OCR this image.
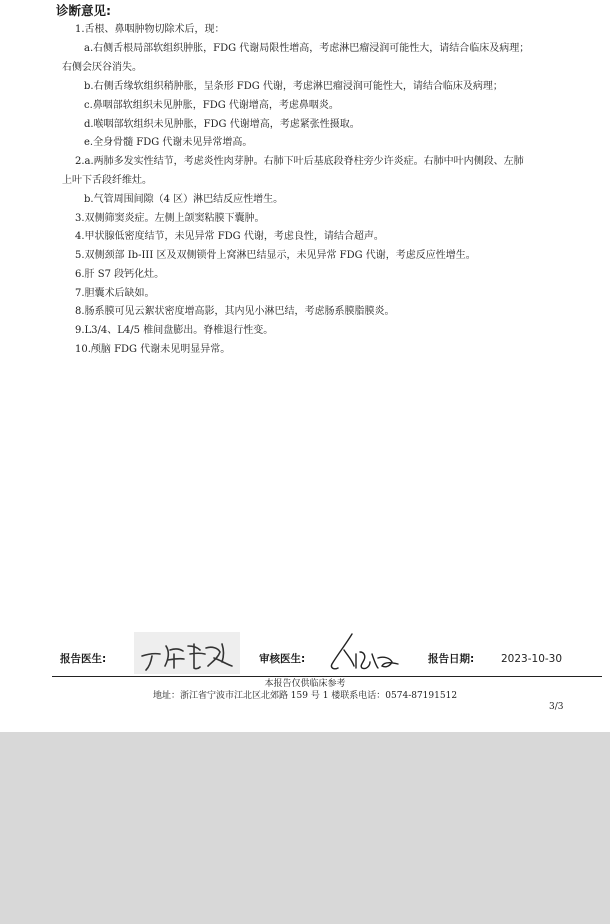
诊断意见:
1.舌根、鼻咽肿物切除术后，现：
a.右侧舌根局部软组织肿胀，FDG 代谢局限性增高，考虑淋巴瘤浸润可能性大，请结合临床及病理；
右侧会厌谷消失。
b.右侧舌缘软组织稍肿胀，呈条形 FDG 代谢，考虑淋巴瘤浸润可能性大，请结合临床及病理；
c.鼻咽部软组织未见肿胀，FDG 代谢增高，考虑鼻咽炎。
d.喉咽部软组织未见肿胀，FDG 代谢增高，考虑紧张性摄取。
e.全身骨髓 FDG 代谢未见异常增高。
2.a.两肺多发实性结节，考虑炎性肉芽肿。右肺下叶后基底段脊柱旁少许炎症。右肺中叶内侧段、左肺
上叶下舌段纤维灶。
b.气管周围间隙（4 区）淋巴结反应性增生。
3.双侧筛窦炎症。左侧上颌窦粘膜下囊肿。
4.甲状腺低密度结节，未见异常 FDG 代谢，考虑良性，请结合超声。
5.双侧颈部 Ib-III 区及双侧锁骨上窝淋巴结显示，未见异常 FDG 代谢，考虑反应性增生。
6.肝 S7 段钙化灶。
7.胆囊术后缺如。
8.肠系膜可见云絮状密度增高影，其内见小淋巴结，考虑肠系膜脂膜炎。
9.L3/4、L4/5 椎间盘膨出。脊椎退行性变。
10.颅脑 FDG 代谢未见明显异常。
报告医生:	审核医生:	报告日期:	2023-10-30
本报告仅供临床参考
地址：浙江省宁波市江北区北郊路 159 号 1 楼联系电话：0574-87191512
3/3
